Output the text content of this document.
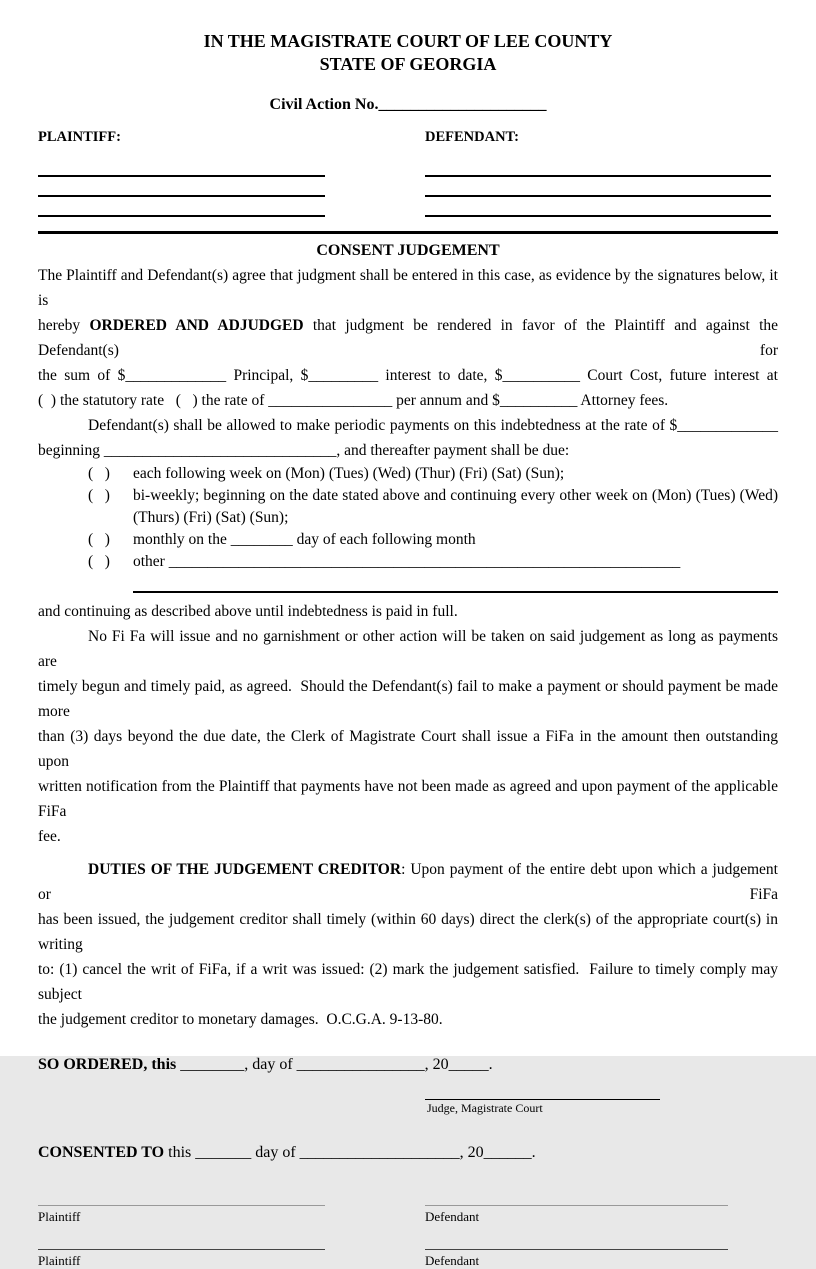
IN THE MAGISTRATE COURT OF LEE COUNTY
STATE OF GEORGIA
Civil Action No._____________________
PLAINTIFF:	DEFENDANT:
CONSENT JUDGEMENT
The Plaintiff and Defendant(s) agree that judgment shall be entered in this case, as evidence by the signatures below, it is
hereby ORDERED AND ADJUDGED that judgment be rendered in favor of the Plaintiff and against the Defendant(s) for
the sum of $_____________ Principal, $_________ interest to date, $__________ Court Cost, future interest at
(  ) the statutory rate   (   ) the rate of ________________ per annum and $__________ Attorney fees.
Defendant(s) shall be allowed to make periodic payments on this indebtedness at the rate of $_____________
beginning ______________________________, and thereafter payment shall be due:
(   )	each following week on (Mon) (Tues) (Wed) (Thur) (Fri) (Sat) (Sun);
(   )	bi-weekly; beginning on the date stated above and continuing every other week on (Mon) (Tues) (Wed)
(Thurs) (Fri) (Sat) (Sun);
(   )	monthly on the ________ day of each following month
(   )	other __________________________________________________________________
and continuing as described above until indebtedness is paid in full.
No Fi Fa will issue and no garnishment or other action will be taken on said judgement as long as payments are
timely begun and timely paid, as agreed.  Should the Defendant(s) fail to make a payment or should payment be made more
than (3) days beyond the due date, the Clerk of Magistrate Court shall issue a FiFa in the amount then outstanding upon
written notification from the Plaintiff that payments have not been made as agreed and upon payment of the applicable FiFa
fee.
DUTIES OF THE JUDGEMENT CREDITOR: Upon payment of the entire debt upon which a judgement or FiFa
has been issued, the judgement creditor shall timely (within 60 days) direct the clerk(s) of the appropriate court(s) in writing
to: (1) cancel the writ of FiFa, if a writ was issued: (2) mark the judgement satisfied.  Failure to timely comply may subject
the judgement creditor to monetary damages.  O.C.G.A. 9-13-80.
SO ORDERED, this ________, day of ________________, 20_____.
Judge, Magistrate Court
CONSENTED TO this _______ day of ____________________, 20______.
Plaintiff	Defendant
Plaintiff	Defendant
